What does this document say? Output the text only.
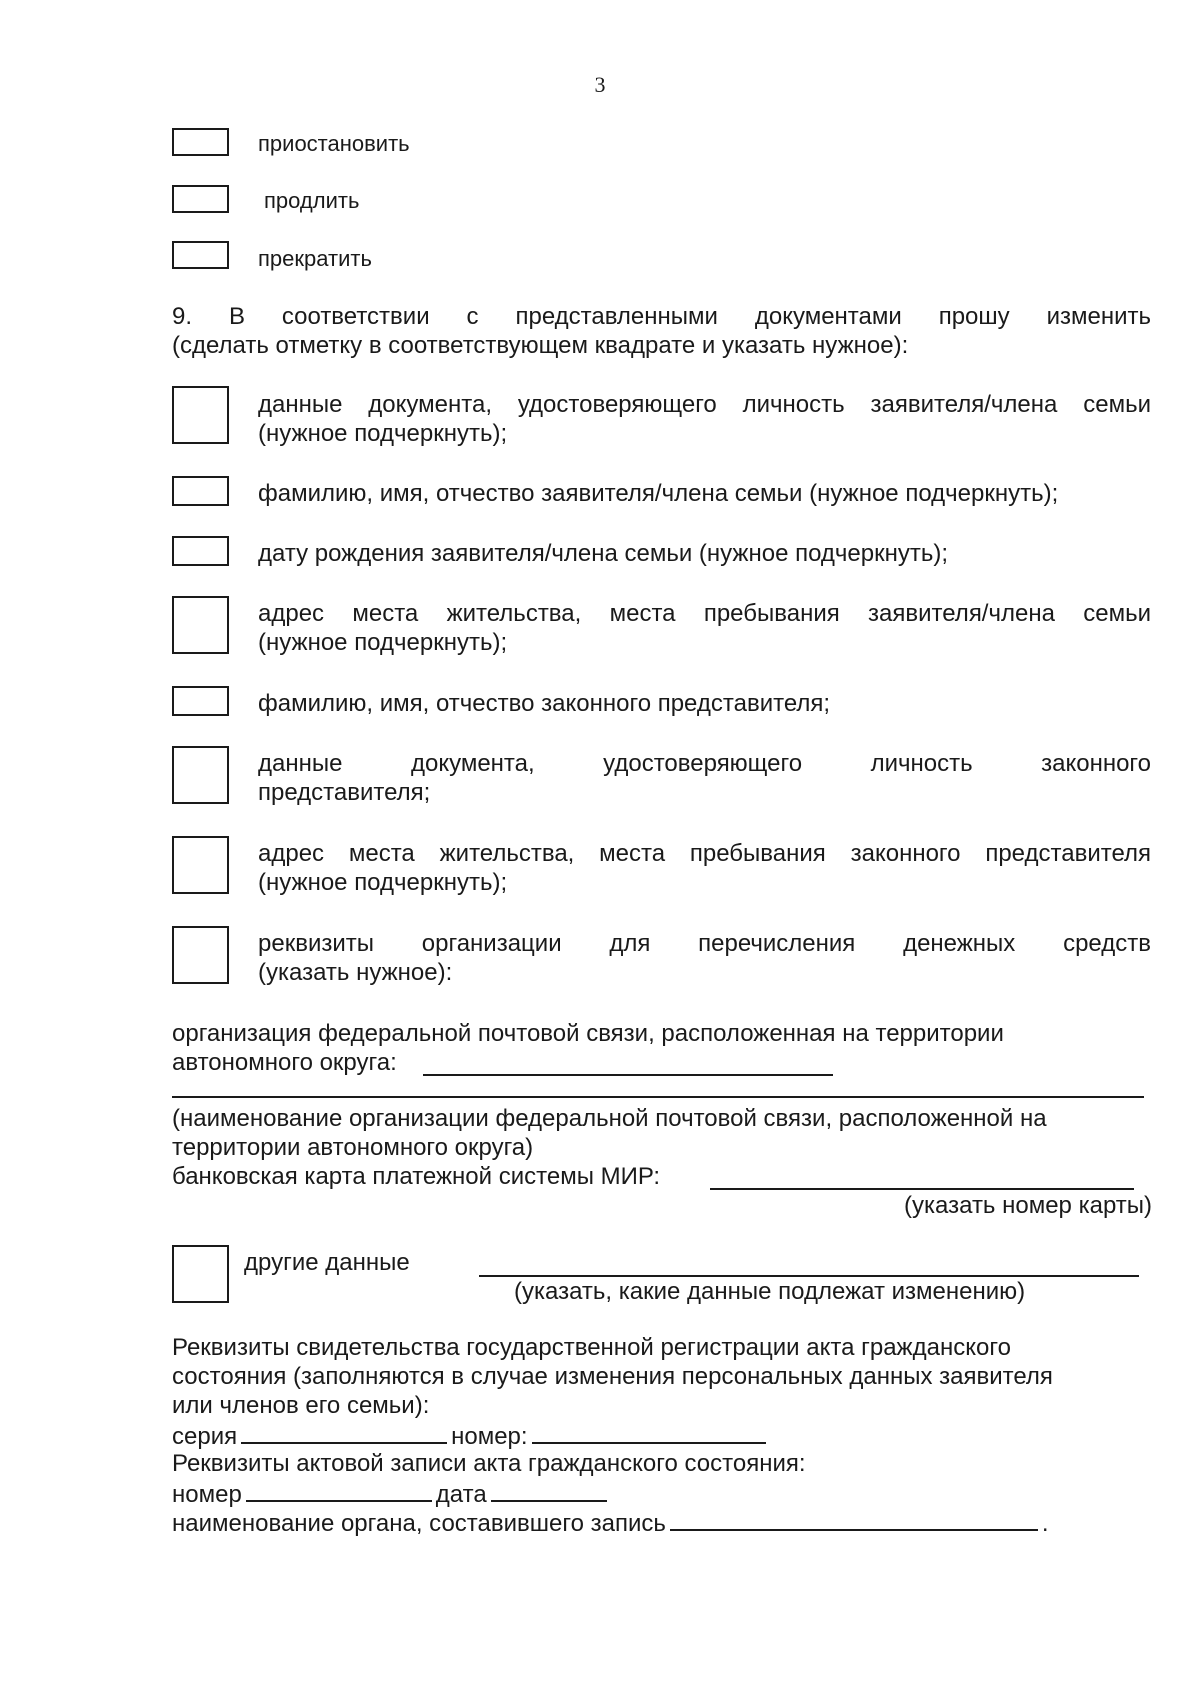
3
приостановить
продлить
прекратить
9. В соответствии с представленными документами прошу изменить
(сделать отметку в соответствующем квадрате и указать нужное):
данные документа, удостоверяющего личность заявителя/члена семьи
(нужное подчеркнуть);
фамилию, имя, отчество заявителя/члена семьи (нужное подчеркнуть);
дату рождения заявителя/члена семьи (нужное подчеркнуть);
адрес места жительства, места пребывания заявителя/члена семьи
(нужное подчеркнуть);
фамилию, имя, отчество законного представителя;
данные документа, удостоверяющего личность законного
представителя;
адрес места жительства, места пребывания законного представителя
(нужное подчеркнуть);
реквизиты организации для перечисления денежных средств
(указать нужное):
организация федеральной почтовой связи, расположенная на территории
автономного округа:
(наименование организации федеральной почтовой связи, расположенной на
территории автономного округа)
банковская карта платежной системы МИР:
(указать номер карты)
другие данные
(указать, какие данные подлежат изменению)
Реквизиты свидетельства государственной регистрации акта гражданского
состояния (заполняются в случае изменения персональных данных заявителя
или членов его семьи):
серия	номер:
Реквизиты актовой записи акта гражданского состояния:
номер	дата
наименование органа, составившего запись	.
